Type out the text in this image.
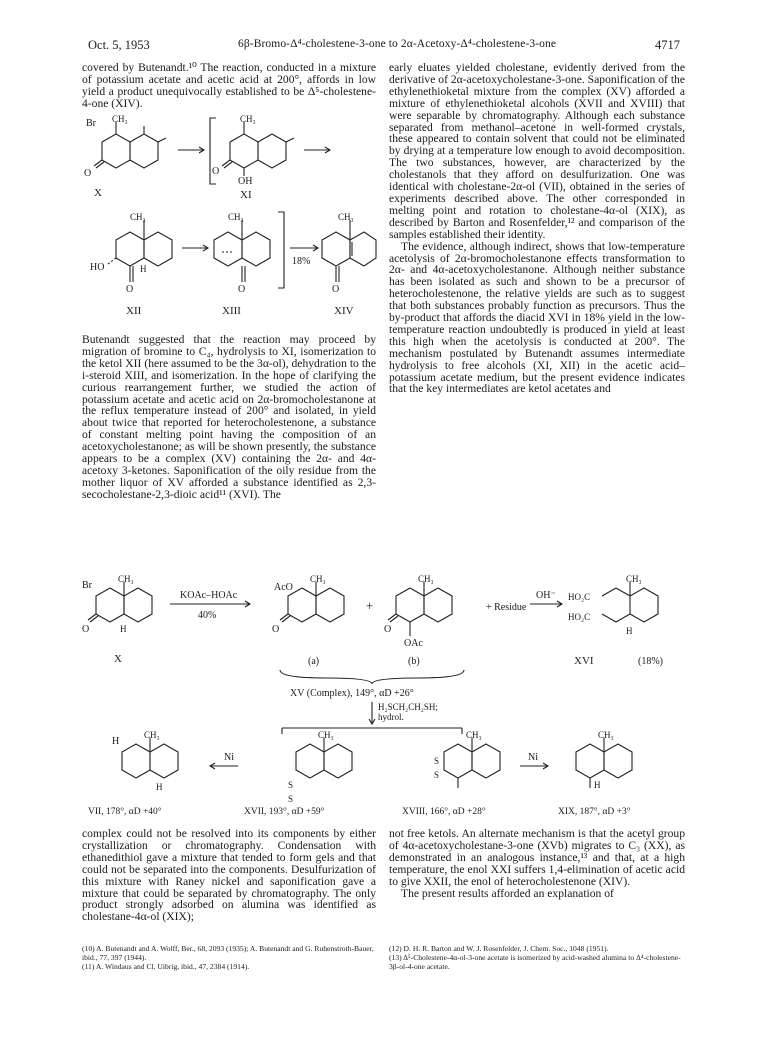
Oct. 5, 1953	6β-Bromo-Δ⁴-cholestene-3-one to 2α-Acetoxy-Δ⁴-cholestene-3-one	4717

covered by Butenandt.¹⁰ The reaction, conducted in a mixture of potassium acetate and acetic acid at 200°, affords in low yield a product unequivocally established to be Δ⁵-cholestene-4-one (XIV).

Br CH₃
O
X
CH₃
O
OH
XI
CH₃
HO	H
O
XII
CH₃
O
XIII
18%
CH₃
O
XIV

Butenandt suggested that the reaction may proceed by migration of bromine to C₄, hydrolysis to XI, isomerization to the ketol XII (here assumed to be the 3α-ol), dehydration to the i-steroid XIII, and isomerization. In the hope of clarifying the curious rearrangement further, we studied the action of potassium acetate and acetic acid on 2α-bromocholestanone at the reflux temperature instead of 200° and isolated, in yield about twice that reported for heterocholestenone, a substance of constant melting point having the composition of an acetoxycholestanone; as will be shown presently, the substance appears to be a complex (XV) containing the 2α- and 4α-acetoxy 3-ketones. Saponification of the oily residue from the mother liquor of XV afforded a substance identified as 2,3-secocholestane-2,3-dioic acid¹¹ (XVI). The

early eluates yielded cholestane, evidently derived from the derivative of 2α-acetoxycholestane-3-one. Saponification of the ethylenethioketal mixture from the complex (XV) afforded a mixture of ethylenethioketal alcohols (XVII and XVIII) that were separable by chromatography. Although each substance separated from methanol–acetone in well-formed crystals, these appeared to contain solvent that could not be eliminated by drying at a temperature low enough to avoid decomposition. The two substances, however, are characterized by the cholestanols that they afford on desulfurization. One was identical with cholestane-2α-ol (VII), obtained in the series of experiments described above. The other corresponded in melting point and rotation to cholestane-4α-ol (XIX), as described by Barton and Rosenfelder,¹² and comparison of the samples established their identity.

The evidence, although indirect, shows that low-temperature acetolysis of 2α-bromocholestanone effects transformation to 2α- and 4α-acetoxycholestanone. Although neither substance has been isolated as such and shown to be a precursor of heterocholestenone, the relative yields are such as to suggest that both substances probably function as precursors. Thus the by-product that affords the diacid XVI in 18% yield in the low-temperature reaction undoubtedly is produced in yield at least this high when the acetolysis is conducted at 200°. The mechanism postulated by Butenandt assumes intermediate hydrolysis to free alcohols (XI, XII) in the acetic acid–potassium acetate medium, but the present evidence indicates that the key intermediates are ketol acetates and

Br
CH₃
O	H
X
KOAc–HOAc
40%
AcO
CH₃
O
(a)
+
CH₃
O
OAc
(b)
+ Residue
OH⁻ HO₂C
HO₂C
CH₃
H
XVI	(18%)
XV (Complex), 149°, αD +26°
H₂SCH₂CH₂SH;
hydrol.
H
CH₃
H
VII, 178°, αD +40°
Ni
CH₃
S
S
XVII, 193°, αD +59°
CH₃
S
S
XVIII, 166°, αD +28°
Ni
CH₃
H
XIX, 187°, αD +3°

complex could not be resolved into its components by either crystallization or chromatography. Condensation with ethanedithiol gave a mixture that tended to form gels and that could not be separated into the components. Desulfurization of this mixture with Raney nickel and saponification gave a mixture that could be separated by chromatography. The only product strongly adsorbed on alumina was identified as cholestane-4α-ol (XIX);

not free ketols. An alternate mechanism is that the acetyl group of 4α-acetoxycholestane-3-one (XVb) migrates to C₃ (XX), as demonstrated in an analogous instance,¹³ and that, at a high temperature, the enol XXI suffers 1,4-elimination of acetic acid to give XXII, the enol of heterocholestenone (XIV).

The present results afforded an explanation of

(10) A. Butenandt and A. Wolff, Ber., 68, 2093 (1935); A. Butenandt and G. Ruhenstroth-Bauer, ibid., 77, 397 (1944).
(11) A. Windaus and Cl. Uibrig, ibid., 47, 2384 (1914).
(12) D. H. R. Barton and W. J. Rosenfelder, J. Chem. Soc., 1048 (1951).
(13) Δ⁵-Cholestene-4α-ol-3-one acetate is isomerized by acid-washed alumina to Δ⁴-cholestene-3β-ol-4-one acetate.
